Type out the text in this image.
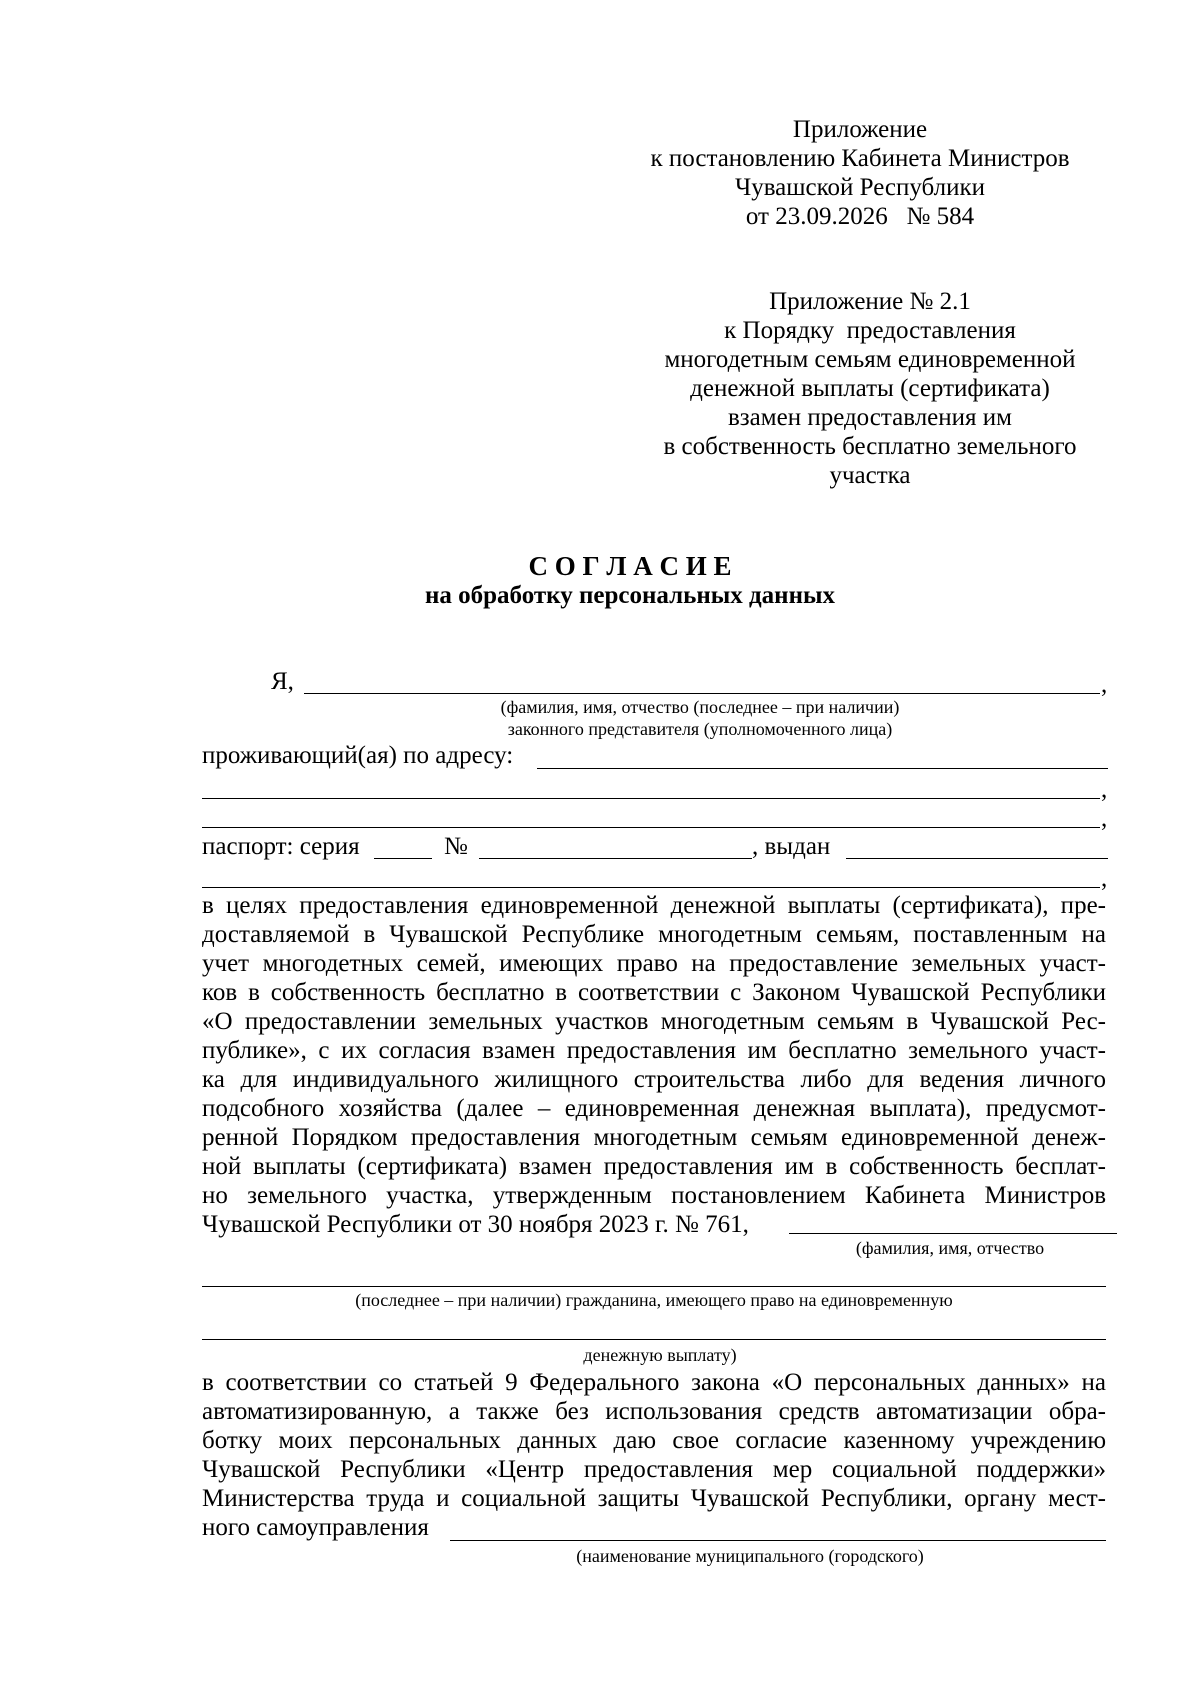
Приложение
к постановлению Кабинета Министров
Чувашской Республики
от 23.09.2026   № 584
Приложение № 2.1
к Порядку  предоставления
многодетным семьям единовременной
денежной выплаты (сертификата)
взамен предоставления им
в собственность бесплатно земельного
участка
С О Г Л А С И Е
на обработку персональных данных
Я,	,
(фамилия, имя, отчество (последнее – при наличии)
законного представителя (уполномоченного лица)
проживающий(ая) по адресу:
,
,
паспорт: серия	№	, выдан
,
в целях предоставления единовременной денежной выплаты (сертификата), пре-
доставляемой в Чувашской Республике многодетным семьям, поставленным на
учет многодетных семей, имеющих право на предоставление земельных участ-
ков в собственность бесплатно в соответствии с Законом Чувашской Республики
«О предоставлении земельных участков многодетным семьям в Чувашской Рес-
публике», с их согласия взамен предоставления им бесплатно земельного участ-
ка для индивидуального жилищного строительства либо для ведения личного
подсобного хозяйства (далее – единовременная денежная выплата), предусмот-
ренной Порядком предоставления многодетным семьям единовременной денеж-
ной выплаты (сертификата) взамен предоставления им в собственность бесплат-
но земельного участка, утвержденным постановлением Кабинета Министров
Чувашской Республики от 30 ноября 2023 г. № 761,
(фамилия, имя, отчество
(последнее – при наличии) гражданина, имеющего право на единовременную
денежную выплату)
в соответствии со статьей 9 Федерального закона «О персональных данных» на
автоматизированную, а также без использования средств автоматизации обра-
ботку моих персональных данных даю свое согласие казенному учреждению
Чувашской Республики «Центр предоставления мер социальной поддержки»
Министерства труда и социальной защиты Чувашской Республики, органу мест-
ного самоуправления
(наименование муниципального (городского)
